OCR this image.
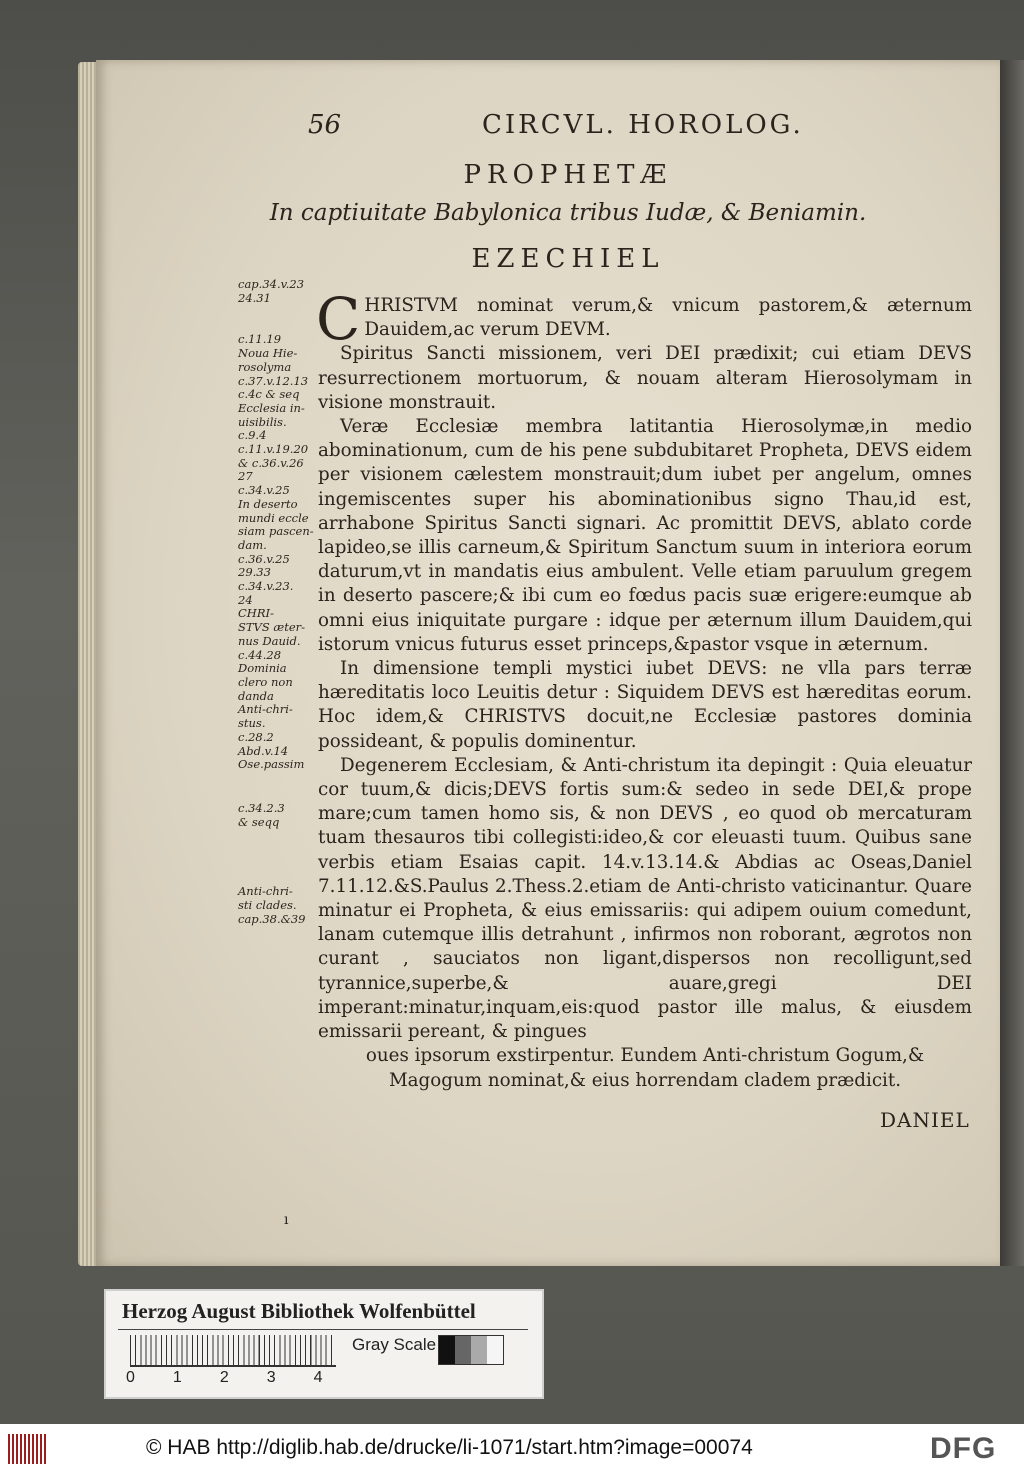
56	CIRCVL. HOROLOG.
PROPHETÆ
In captiuitate Babylonica tribus Iudæ, & Beniamin.
EZECHIEL
cap.34.v.23
24.31
c.11.19
Noua Hie-
rosolyma
c.37.v.12.13
c.4c & seq
Ecclesia in-
uisibilis.
c.9.4
c.11.v.19.20
& c.36.v.26
27
c.34.v.25
In deserto
mundi eccle
siam pascen-
dam.
c.36.v.25
29.33
c.34.v.23.
24
CHRI-
STVS æter-
nus Dauid.
c.44.28
Dominia
clero non
danda
Anti-chri-
stus.
c.28.2
Abd.v.14
Ose.passim
c.34.2.3
& seqq
Anti-chri-
sti clades.
cap.38.&39
C HRISTVM nominat verum,& vnicum pastorem,& æternum Dauidem,ac verum DEVM.

Spiritus Sancti missionem, veri DEI prædixit; cui etiam DEVS resurrectionem mortuorum, & nouam alteram Hierosolymam in visione monstrauit.

Veræ Ecclesiæ membra latitantia Hierosolymæ,in medio abominationum, cum de his pene subdubitaret Propheta, DEVS eidem per visionem cælestem monstrauit;dum iubet per angelum, omnes ingemiscentes super his abominationibus signo Thau,id est, arrhabone Spiritus Sancti signari. Ac promittit DEVS, ablato corde lapideo,se illis carneum,& Spiritum Sanctum suum in interiora eorum daturum,vt in mandatis eius ambulent. Velle etiam paruulum gregem in deserto pascere;& ibi cum eo fœdus pacis suæ erigere:eumque ab omni eius iniquitate purgare : idque per æternum illum Dauidem,qui istorum vnicus futurus esset princeps,&pastor vsque in æternum.

In dimensione templi mystici iubet DEVS: ne vlla pars terræ hæreditatis loco Leuitis detur : Siquidem DEVS est hæreditas eorum. Hoc idem,& CHRISTVS docuit,ne Ecclesiæ pastores dominia possideant, & populis dominentur.

Degenerem Ecclesiam, & Anti-christum ita depingit : Quia eleuatur cor tuum,& dicis;DEVS fortis sum:& sedeo in sede DEI,& prope mare;cum tamen homo sis, & non DEVS , eo quod ob mercaturam tuam thesauros tibi collegisti:ideo,& cor eleuasti tuum. Quibus sane verbis etiam Esaias capit. 14.v.13.14.& Abdias ac Oseas,Daniel 7.11.12.&S.Paulus 2.Thess.2.etiam de Anti-christo vaticinantur. Quare minatur ei Propheta, & eius emissariis: qui adipem ouium comedunt, lanam cutemque illis detrahunt , infirmos non roborant, ægrotos non curant , sauciatos non ligant,dispersos non recolligunt,sed tyrannice,superbe,& auare,gregi DEI imperant:minatur,inquam,eis:quod pastor ille malus, & eiusdem emissarii pereant, & pingues

oues ipsorum exstirpentur. Eundem Anti-christum Gogum,& Magogum nominat,& eius horrendam cladem prædicit.

DANIEL
ı
Herzog August Bibliothek Wolfenbüttel
Gray Scale
0 1 2 3 4
© HAB http://diglib.hab.de/drucke/li-1071/start.htm?image=00074	DFG
